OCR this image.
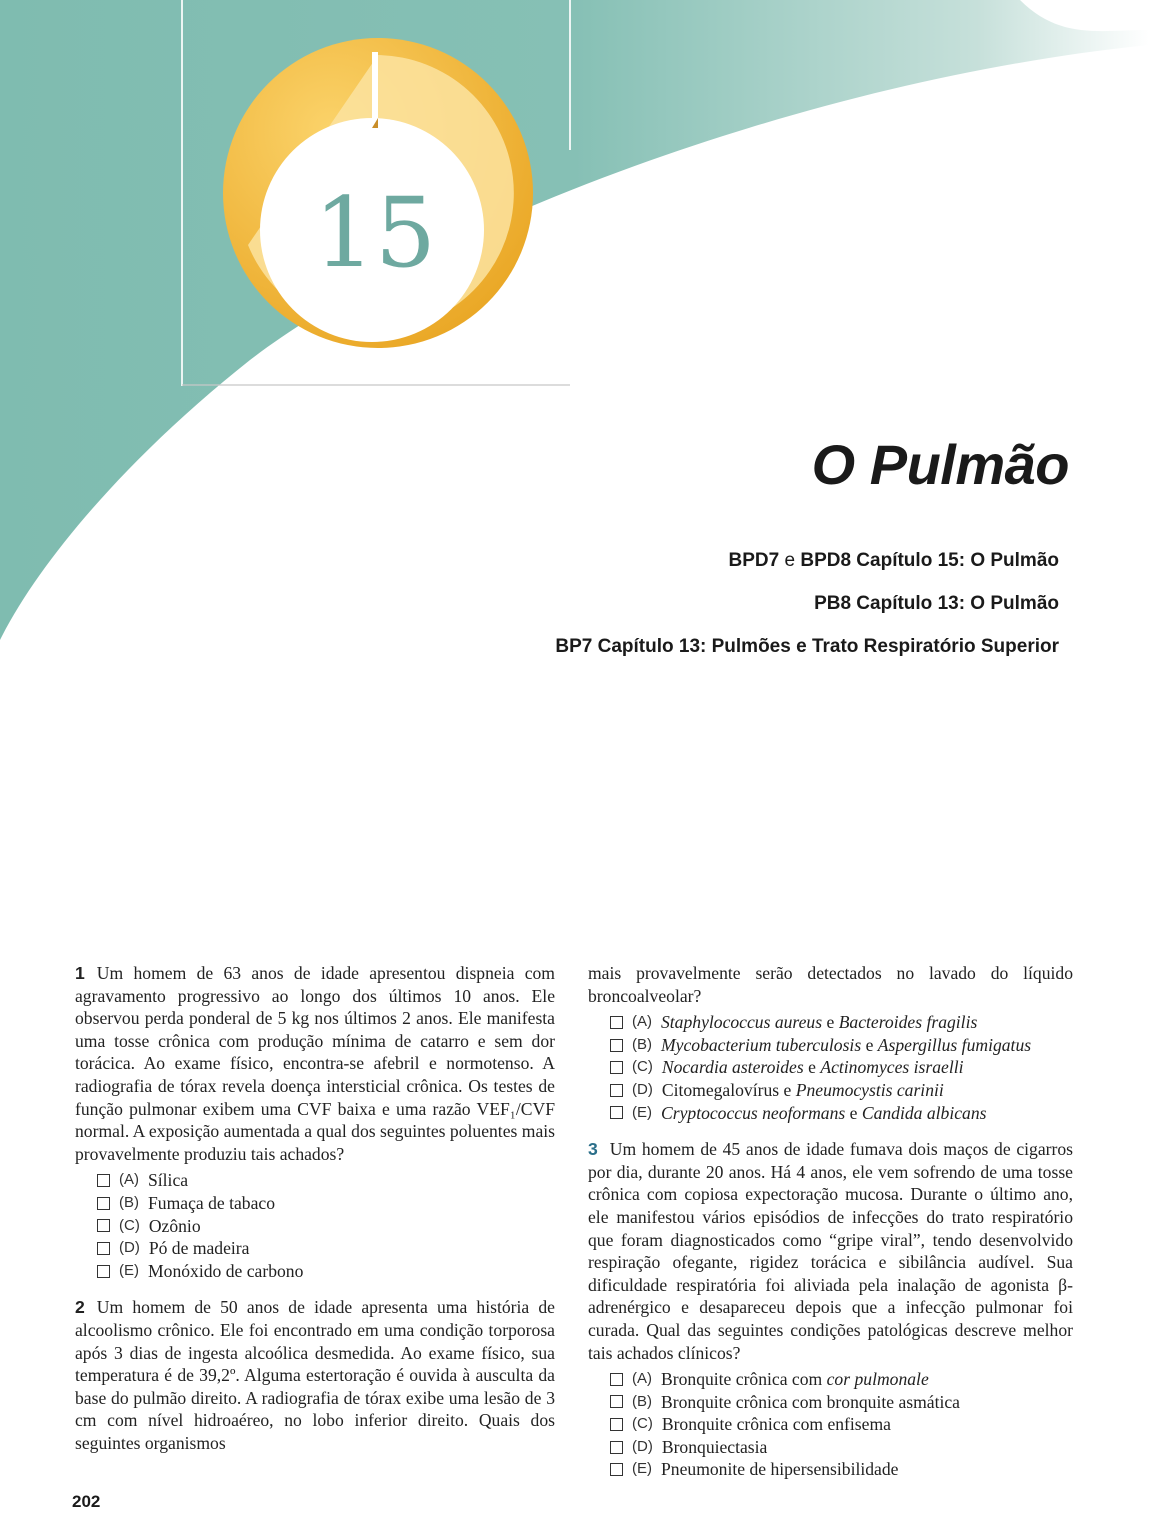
15
O Pulmão
BPD7 e BPD8 Capítulo 15: O Pulmão
PB8 Capítulo 13: O Pulmão
BP7 Capítulo 13: Pulmões e Trato Respiratório Superior

1 Um homem de 63 anos de idade apresentou dispneia com agravamento progressivo ao longo dos últimos 10 anos. Ele observou perda ponderal de 5 kg nos últimos 2 anos. Ele manifesta uma tosse crônica com produção mínima de catarro e sem dor torácica. Ao exame físico, encontra-se afebril e normotenso. A radiografia de tórax revela doença intersticial crônica. Os testes de função pulmonar exibem uma CVF baixa e uma razão VEF₁/CVF normal. A exposição aumentada a qual dos seguintes poluentes mais provavelmente produziu tais achados?

(A) Sílica
(B) Fumaça de tabaco
(C) Ozônio
(D) Pó de madeira
(E) Monóxido de carbono

2 Um homem de 50 anos de idade apresenta uma história de alcoolismo crônico. Ele foi encontrado em uma condição torporosa após 3 dias de ingesta alcoólica desmedida. Ao exame físico, sua temperatura é de 39,2º. Alguma estertoração é ouvida à ausculta da base do pulmão direito. A radiografia de tórax exibe uma lesão de 3 cm com nível hidroaéreo, no lobo inferior direito. Quais dos seguintes organismos

mais provavelmente serão detectados no lavado do líquido broncoalveolar?

(A) Staphylococcus aureus e Bacteroides fragilis
(B) Mycobacterium tuberculosis e Aspergillus fumigatus
(C) Nocardia asteroides e Actinomyces israelli
(D) Citomegalovírus e Pneumocystis carinii
(E) Cryptococcus neoformans e Candida albicans

3 Um homem de 45 anos de idade fumava dois maços de cigarros por dia, durante 20 anos. Há 4 anos, ele vem sofrendo de uma tosse crônica com copiosa expectoração mucosa. Durante o último ano, ele manifestou vários episódios de infecções do trato respiratório que foram diagnosticados como “gripe viral”, tendo desenvolvido respiração ofegante, rigidez torácica e sibilância audível. Sua dificuldade respiratória foi aliviada pela inalação de agonista β-adrenérgico e desapareceu depois que a infecção pulmonar foi curada. Qual das seguintes condições patológicas descreve melhor tais achados clínicos?

(A) Bronquite crônica com cor pulmonale
(B) Bronquite crônica com bronquite asmática
(C) Bronquite crônica com enfisema
(D) Bronquiectasia
(E) Pneumonite de hipersensibilidade
202
